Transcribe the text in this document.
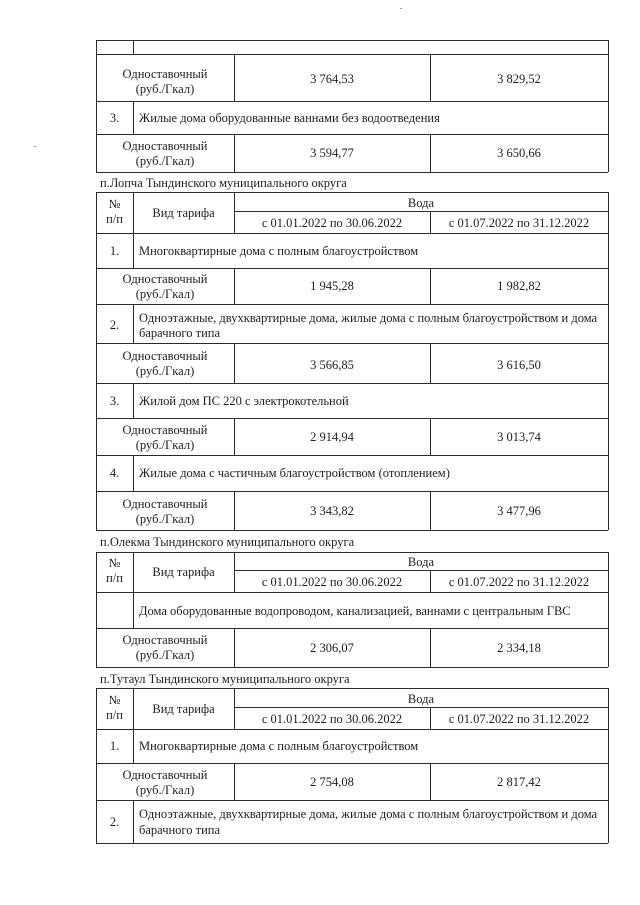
Одноставочный
(руб./Гкал)
3 764,53	3 829,52
3.	Жилые дома оборудованные ваннами без водоотведения
Одноставочный
(руб./Гкал)
3 594,77	3 650,66
п.Лопча Тындинского муниципального округа
№
п/п	Вид тарифа
Вода
с 01.01.2022 по 30.06.2022	с 01.07.2022 по 31.12.2022
1.	Многоквартирные дома с полным благоустройством
Одноставочный
(руб./Гкал)
1 945,28	1 982,82
2.	Одноэтажные, двухквартирные дома, жилые дома с полным благоустройством и дома
барачного типа
Одноставочный
(руб./Гкал)	3 566,85	3 616,50
3.	Жилой дом ПС 220 с электрокотельной
Одноставочный
(руб./Гкал)
2 914,94	3 013,74
4.	Жилые дома с частичным благоустройством (отоплением)
Одноставочный
(руб./Гкал)
3 343,82	3 477,96
п.Олекма Тындинского муниципального округа
№
п/п	Вид тарифа
Вода
с 01.01.2022 по 30.06.2022	с 01.07.2022 по 31.12.2022
Дома оборудованные водопроводом, канализацией, ваннами с центральным ГВС
Одноставочный
(руб./Гкал)	2 306,07	2 334,18
п.Тутаул Тындинского муниципального округа
№
п/п	Вид тарифа
Вода
с 01.01.2022 по 30.06.2022	с 01.07.2022 по 31.12.2022
1.	Многоквартирные дома с полным благоустройством
Одноставочный
(руб./Гкал)
2 754,08	2 817,42
2.
Одноэтажные, двухквартирные дома, жилые дома с полным благоустройством и дома
барачного типа
